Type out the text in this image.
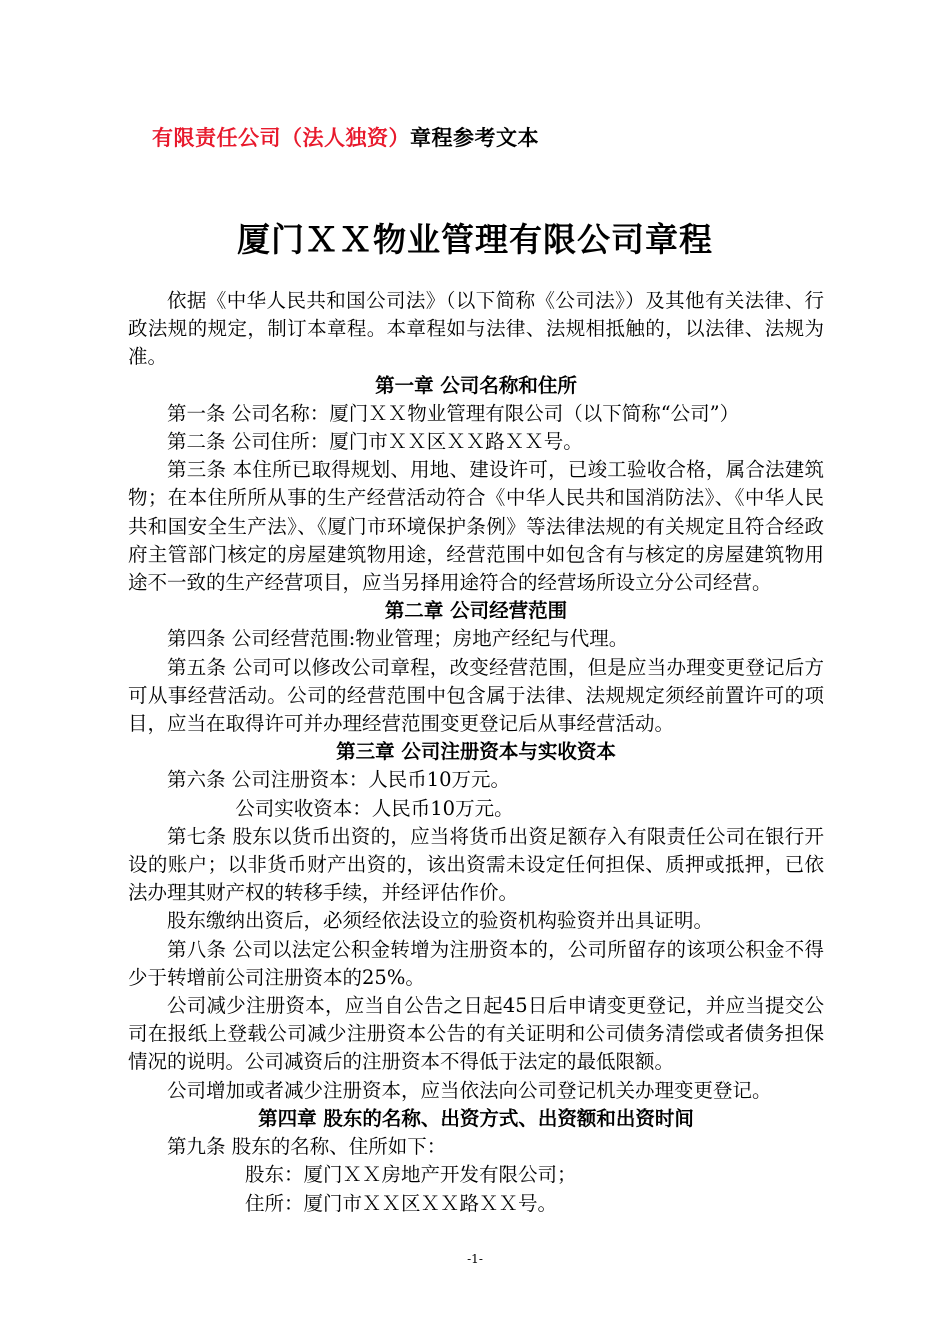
有限责任公司（法人独资）章程参考文本
厦门ＸＸ物业管理有限公司章程

依据《中华人民共和国公司法》（以下简称《公司法》）及其他有关法律、行政法规的规定，制订本章程。本章程如与法律、法规相抵触的，以法律、法规为准。

第一章 公司名称和住所

第一条 公司名称：厦门ＸＸ物业管理有限公司（以下简称“公司”）

第二条 公司住所：厦门市ＸＸ区ＸＸ路ＸＸ号。

第三条 本住所已取得规划、用地、建设许可，已竣工验收合格，属合法建筑物；在本住所所从事的生产经营活动符合《中华人民共和国消防法》、《中华人民共和国安全生产法》、《厦门市环境保护条例》等法律法规的有关规定且符合经政府主管部门核定的房屋建筑物用途，经营范围中如包含有与核定的房屋建筑物用途不一致的生产经营项目，应当另择用途符合的经营场所设立分公司经营。

第二章 公司经营范围

第四条 公司经营范围:物业管理；房地产经纪与代理。

第五条 公司可以修改公司章程，改变经营范围，但是应当办理变更登记后方可从事经营活动。公司的经营范围中包含属于法律、法规规定须经前置许可的项目，应当在取得许可并办理经营范围变更登记后从事经营活动。

第三章 公司注册资本与实收资本

第六条 公司注册资本：人民币10万元。

公司实收资本：人民币10万元。

第七条 股东以货币出资的，应当将货币出资足额存入有限责任公司在银行开设的账户；以非货币财产出资的，该出资需未设定任何担保、质押或抵押，已依法办理其财产权的转移手续，并经评估作价。

股东缴纳出资后，必须经依法设立的验资机构验资并出具证明。

第八条 公司以法定公积金转增为注册资本的，公司所留存的该项公积金不得少于转增前公司注册资本的25%。

公司减少注册资本，应当自公告之日起45日后申请变更登记，并应当提交公司在报纸上登载公司减少注册资本公告的有关证明和公司债务清偿或者债务担保情况的说明。公司减资后的注册资本不得低于法定的最低限额。

公司增加或者减少注册资本，应当依法向公司登记机关办理变更登记。

第四章 股东的名称、出资方式、出资额和出资时间

第九条 股东的名称、住所如下：

股东：厦门ＸＸ房地产开发有限公司；

住所：厦门市ＸＸ区ＸＸ路ＸＸ号。

-1-
